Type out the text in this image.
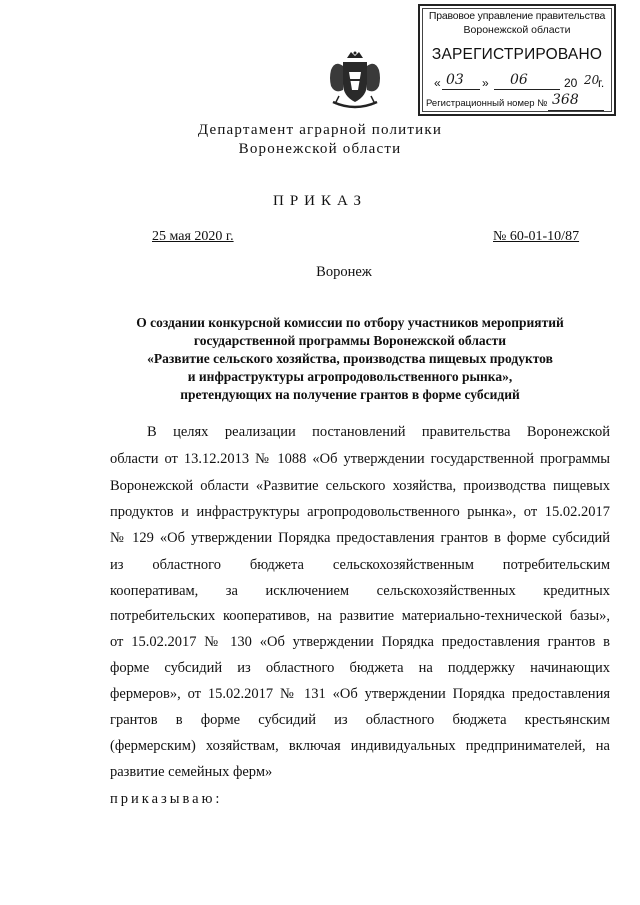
Правовое управление правительства
Воронежской области
ЗАРЕГИСТРИРОВАНО
« 03 » 06	20 20
г.
Регистрационный номер № 368
Департамент аграрной политики
Воронежской области
ПРИКАЗ
25 мая 2020 г.	№ 60-01-10/87
Воронеж
О создании конкурсной комиссии по отбору участников мероприятий
государственной программы Воронежской области
«Развитие сельского хозяйства, производства пищевых продуктов
и инфраструктуры агропродовольственного рынка»,
претендующих на получение грантов в форме субсидий
В целях реализации постановлений правительства Воронежской
области от 13.12.2013 № 1088 «Об утверждении государственной программы
Воронежской области «Развитие сельского хозяйства, производства пищевых
продуктов и инфраструктуры агропродовольственного рынка», от 15.02.2017
№ 129 «Об утверждении Порядка предоставления грантов в форме субсидий
из областного бюджета сельскохозяйственным потребительским
кооперативам, за исключением сельскохозяйственных кредитных
потребительских кооперативов, на развитие материально-технической базы»,
от 15.02.2017 № 130 «Об утверждении Порядка предоставления грантов в
форме субсидий из областного бюджета на поддержку начинающих
фермеров», от 15.02.2017 № 131 «Об утверждении Порядка предоставления
грантов в форме субсидий из областного бюджета крестьянским
(фермерским) хозяйствам, включая индивидуальных предпринимателей, на
развитие семейных ферм»
приказываю:
